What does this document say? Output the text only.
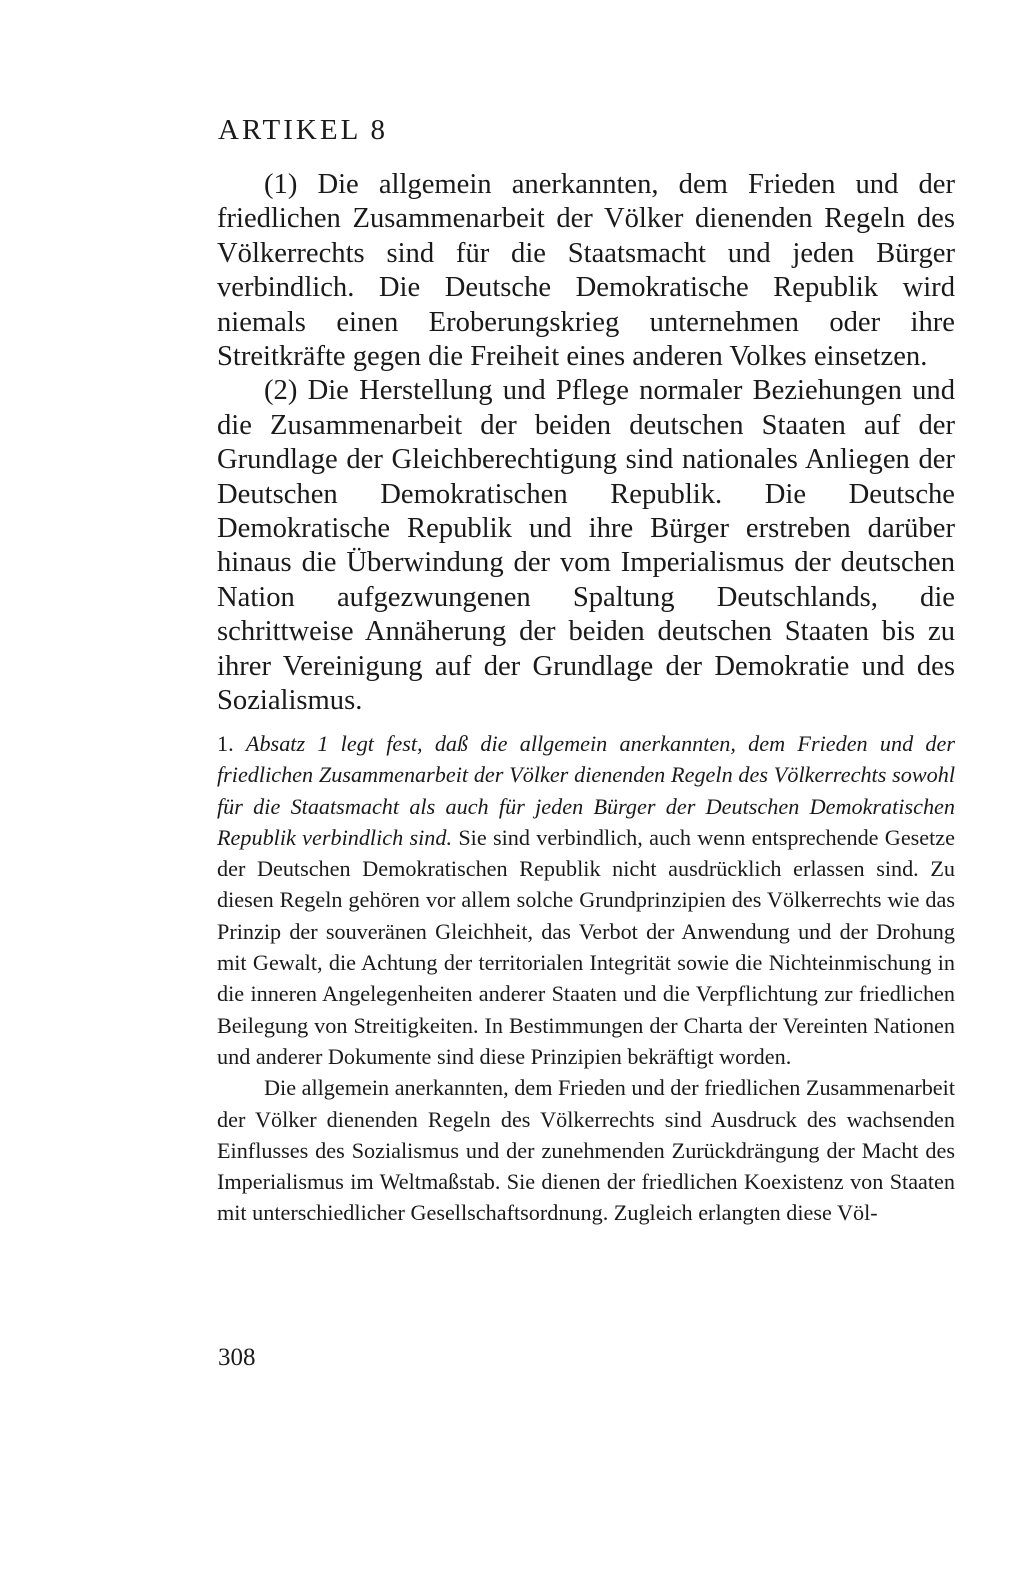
ARTIKEL 8

(1) Die allgemein anerkannten, dem Frieden und der friedlichen Zusammenarbeit der Völker dienenden Regeln des Völkerrechts sind für die Staatsmacht und jeden Bürger verbindlich. Die Deutsche Demokratische Republik wird niemals einen Eroberungskrieg unternehmen oder ihre Streitkräfte gegen die Freiheit eines anderen Volkes einsetzen.

(2) Die Herstellung und Pflege normaler Beziehungen und die Zusammenarbeit der beiden deutschen Staaten auf der Grundlage der Gleichberechtigung sind nationales Anliegen der Deutschen Demokratischen Republik. Die Deutsche Demokratische Republik und ihre Bürger erstreben darüber hinaus die Überwindung der vom Imperialismus der deutschen Nation aufgezwungenen Spaltung Deutschlands, die schrittweise Annäherung der beiden deutschen Staaten bis zu ihrer Vereinigung auf der Grundlage der Demokratie und des Sozialismus.

1. Absatz 1 legt fest, daß die allgemein anerkannten, dem Frieden und der friedlichen Zusammenarbeit der Völker dienenden Regeln des Völkerrechts sowohl für die Staatsmacht als auch für jeden Bürger der Deutschen Demokratischen Republik verbindlich sind. Sie sind verbindlich, auch wenn entsprechende Gesetze der Deutschen Demokratischen Republik nicht ausdrücklich erlassen sind. Zu diesen Regeln gehören vor allem solche Grundprinzipien des Völkerrechts wie das Prinzip der souveränen Gleichheit, das Verbot der Anwendung und der Drohung mit Gewalt, die Achtung der territorialen Integrität sowie die Nichteinmischung in die inneren Angelegenheiten anderer Staaten und die Verpflichtung zur friedlichen Beilegung von Streitigkeiten. In Bestimmungen der Charta der Vereinten Nationen und anderer Dokumente sind diese Prinzipien bekräftigt worden.

Die allgemein anerkannten, dem Frieden und der friedlichen Zusammenarbeit der Völker dienenden Regeln des Völkerrechts sind Ausdruck des wachsenden Einflusses des Sozialismus und der zunehmenden Zurückdrängung der Macht des Imperialismus im Weltmaßstab. Sie dienen der friedlichen Koexistenz von Staaten mit unterschiedlicher Gesellschaftsordnung. Zugleich erlangten diese Völ-

308
